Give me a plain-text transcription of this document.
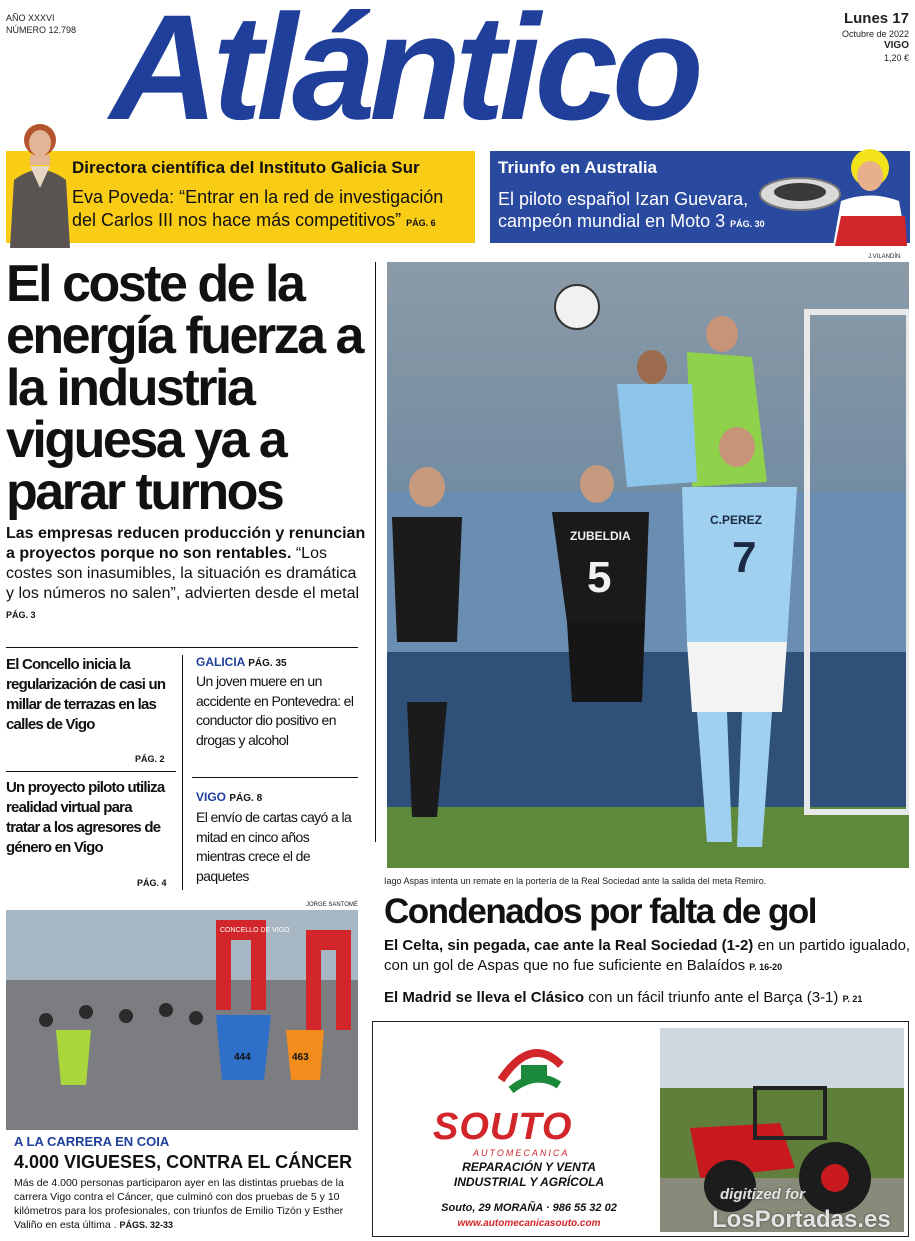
AÑO XXXVI
NÚMERO 12.798 Atlántico	Lunes 17
Octubre de 2022
VIGO
1,20 €
Directora científica del Instituto Galicia Sur
Eva Poveda: “Entrar en la red de investigación del Carlos III nos hace más competitivos” PÁG. 6
Triunfo en Australia
El piloto español Izan Guevara, campeón mundial en Moto 3 PÁG. 30
El coste de la energía fuerza a la industria viguesa ya a parar turnos
Las empresas reducen producción y renuncian a proyectos porque no son rentables. “Los costes son inasumibles, la situación es dramática y los números no salen”, advierten desde el metal PÁG. 3
El Concello inicia la regularización de casi un millar de terrazas en las calles de Vigo
PÁG. 2
Un proyecto piloto utiliza realidad virtual para tratar a los agresores de género en Vigo
PÁG. 4
GALICIA PÁG. 35
Un joven muere en un accidente en Pontevedra: el conductor dio positivo en drogas y alcohol
VIGO PÁG. 8
El envío de cartas cayó a la mitad en cinco años mientras crece el de paquetes
J.VILANDÍN
5
ZUBELDIA 7
C.PEREZ
Iago Aspas intenta un remate en la portería de la Real Sociedad ante la salida del meta Remiro.
Condenados por falta de gol
El Celta, sin pegada, cae ante la Real Sociedad (1-2) en un partido igualado, con un gol de Aspas que no fue suficiente en Balaídos P. 16-20
El Madrid se lleva el Clásico con un fácil triunfo ante el Barça (3-1) P. 21
JORGE SANTOMÉ
CONCELLO DE VIGO
444	463
A LA CARRERA EN COIA
4.000 VIGUESES, CONTRA EL CÁNCER
Más de 4.000 personas participaron ayer en las distintas pruebas de la carrera Vigo contra el Cáncer, que culminó con dos pruebas de 5 y 10 kilómetros para los profesionales, con triunfos de Emilio Tizón y Esther Valiño en esta última . PÁGS. 32-33
SOUTO
AUTOMECANICA
REPARACIÓN Y VENTA
INDUSTRIAL Y AGRÍCOLA
Souto, 29 MORAÑA · 986 55 32 02
www.automecanicasouto.com
digitized for
LosPortadas.es
